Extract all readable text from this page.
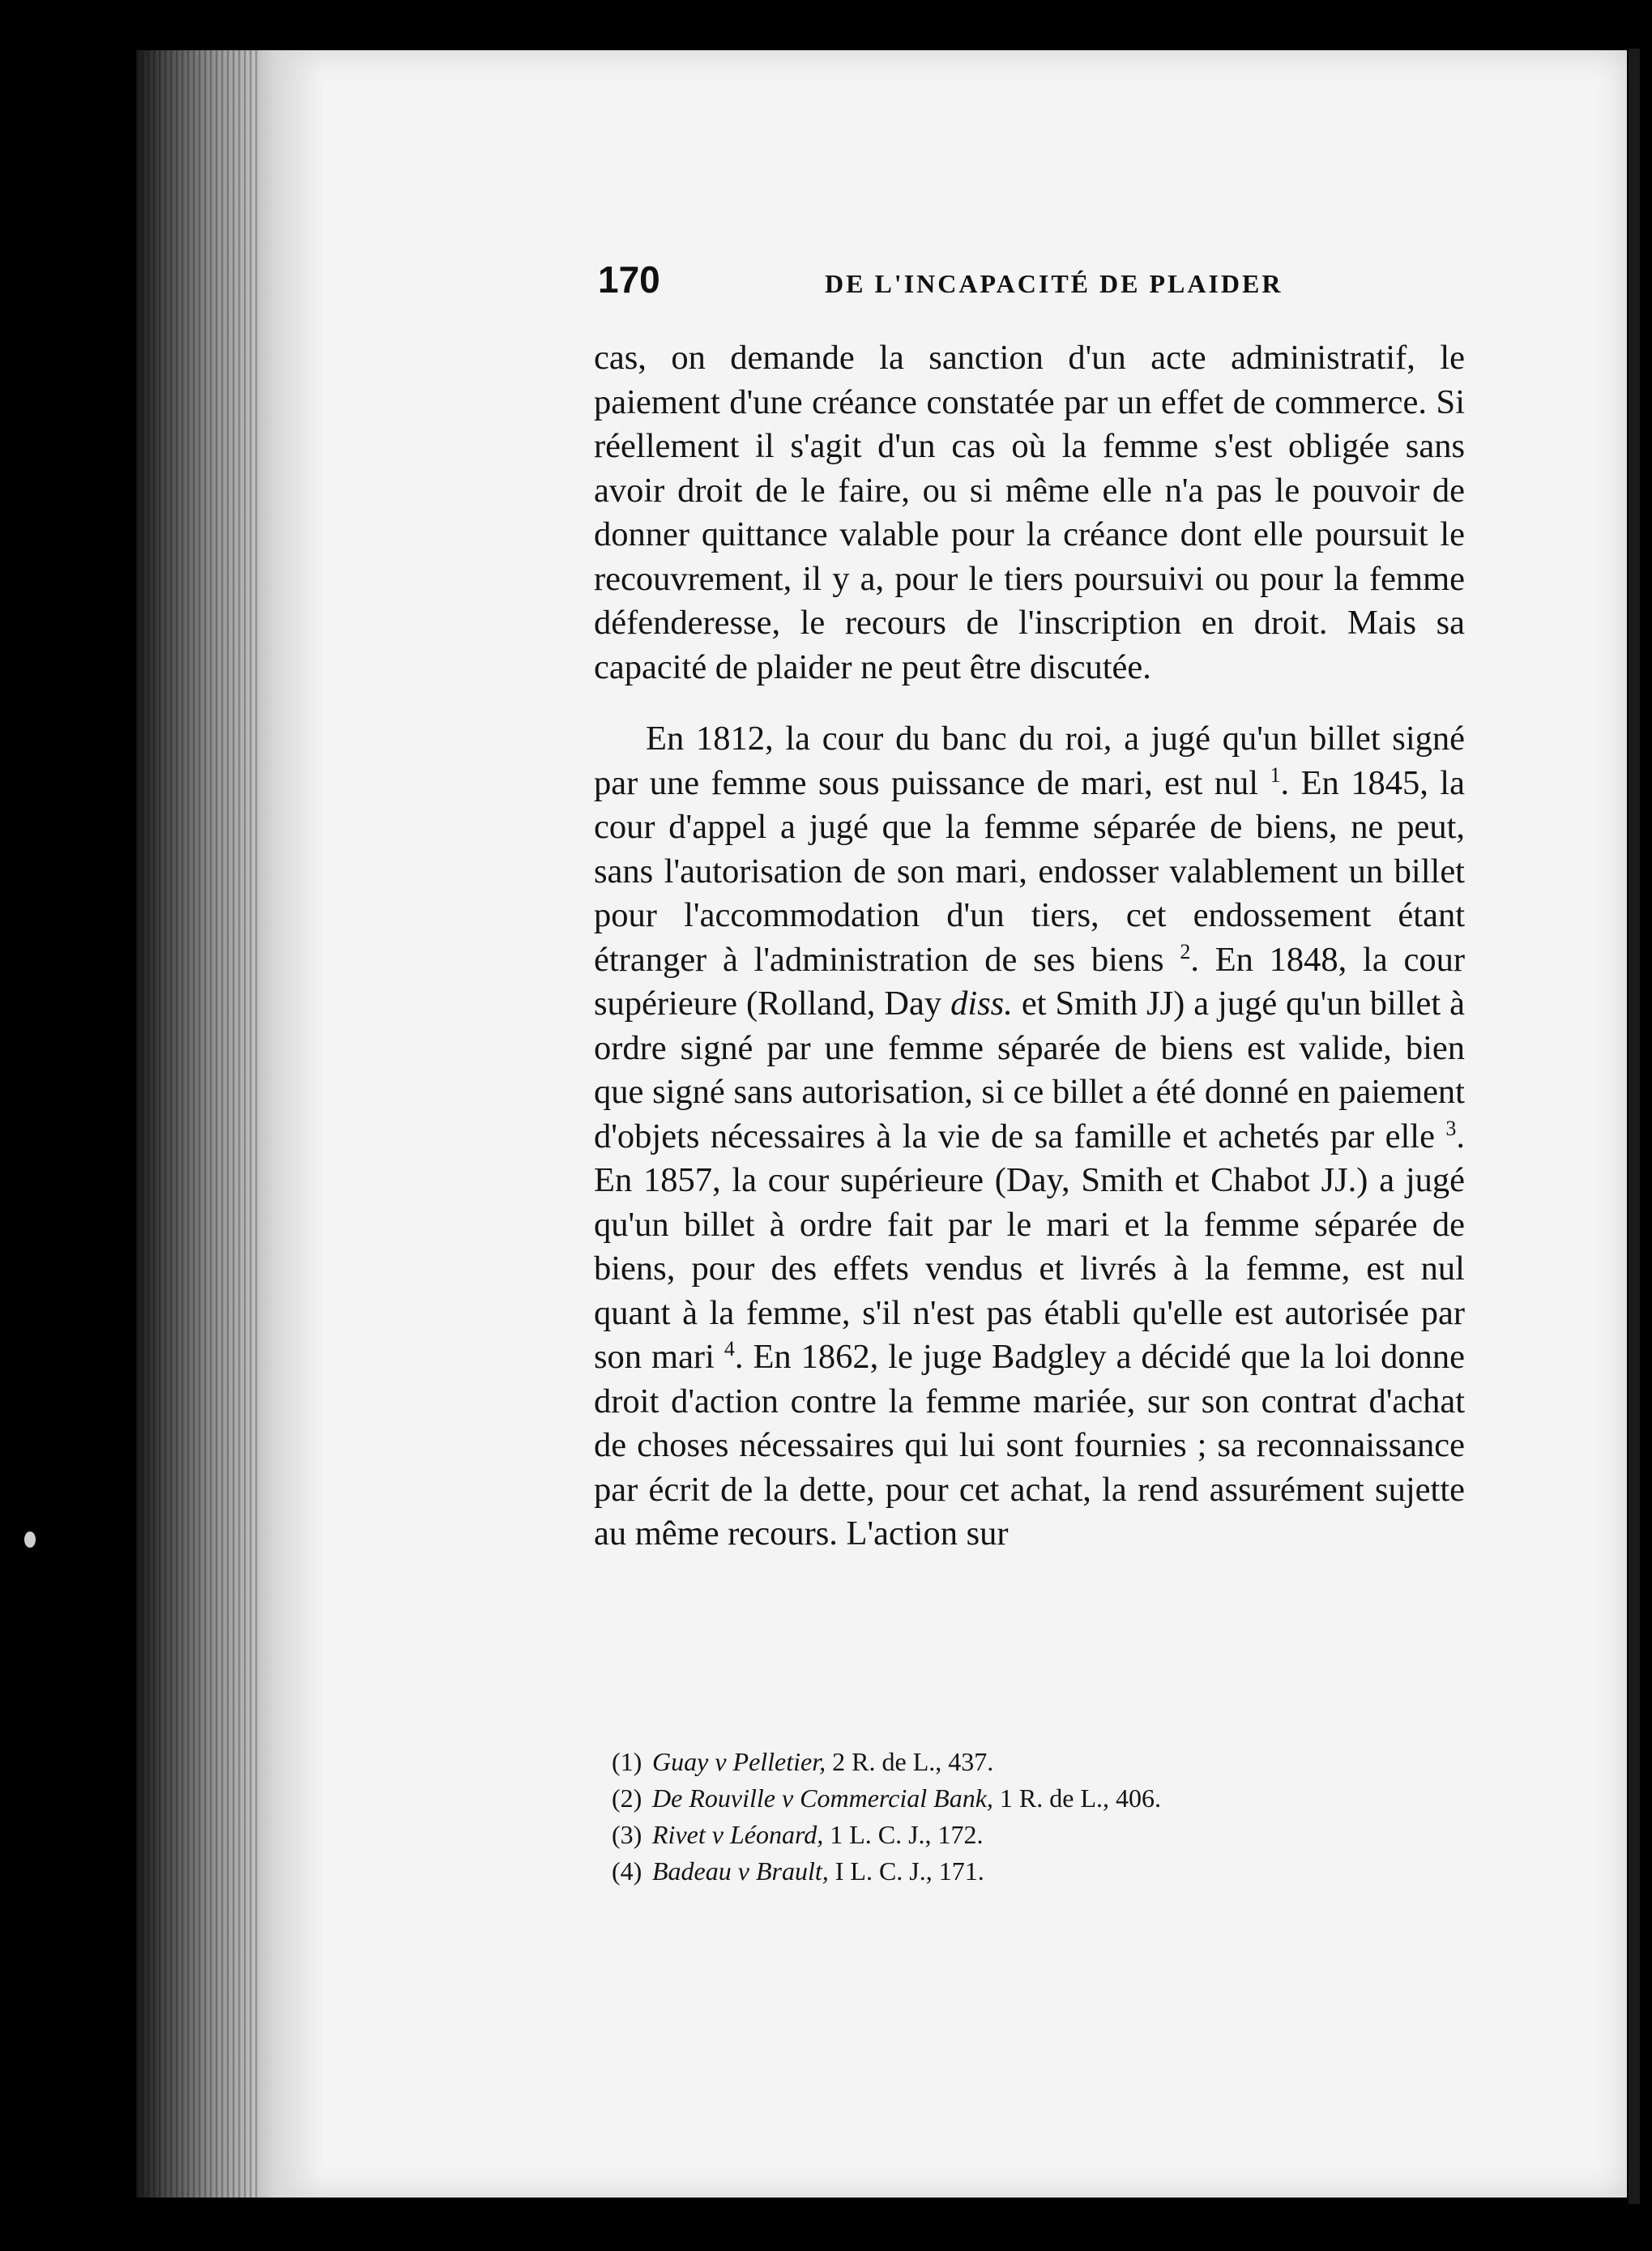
170	DE L'INCAPACITÉ DE PLAIDER

cas, on demande la sanction d'un acte administratif, le paiement d'une créance constatée par un effet de commerce. Si réellement il s'agit d'un cas où la femme s'est obligée sans avoir droit de le faire, ou si même elle n'a pas le pouvoir de donner quittance valable pour la créance dont elle poursuit le recouvrement, il y a, pour le tiers poursuivi ou pour la femme défenderesse, le recours de l'inscription en droit. Mais sa capacité de plaider ne peut être discutée.

En 1812, la cour du banc du roi, a jugé qu'un billet signé par une femme sous puissance de mari, est nul $^1$. En 1845, la cour d'appel a jugé que la femme séparée de biens, ne peut, sans l'autorisation de son mari, endosser valablement un billet pour l'accommodation d'un tiers, cet endossement étant étranger à l'administration de ses biens $^2$. En 1848, la cour supérieure (Rolland, Day diss. et Smith JJ) a jugé qu'un billet à ordre signé par une femme séparée de biens est valide, bien que signé sans autorisation, si ce billet a été donné en paiement d'objets nécessaires à la vie de sa famille et achetés par elle $^3$. En 1857, la cour supérieure (Day, Smith et Chabot JJ.) a jugé qu'un billet à ordre fait par le mari et la femme séparée de biens, pour des effets vendus et livrés à la femme, est nul quant à la femme, s'il n'est pas établi qu'elle est autorisée par son mari $^4$. En 1862, le juge Badgley a décidé que la loi donne droit d'action contre la femme mariée, sur son contrat d'achat de choses nécessaires qui lui sont fournies ; sa reconnaissance par écrit de la dette, pour cet achat, la rend assurément sujette au même recours. L'action sur

(1) Guay v Pelletier, 2 R. de L., 437.
(2) De Rouville v Commercial Bank, 1 R. de L., 406.
(3) Rivet v Léonard, 1 L. C. J., 172.
(4) Badeau v Brault, I L. C. J., 171.
